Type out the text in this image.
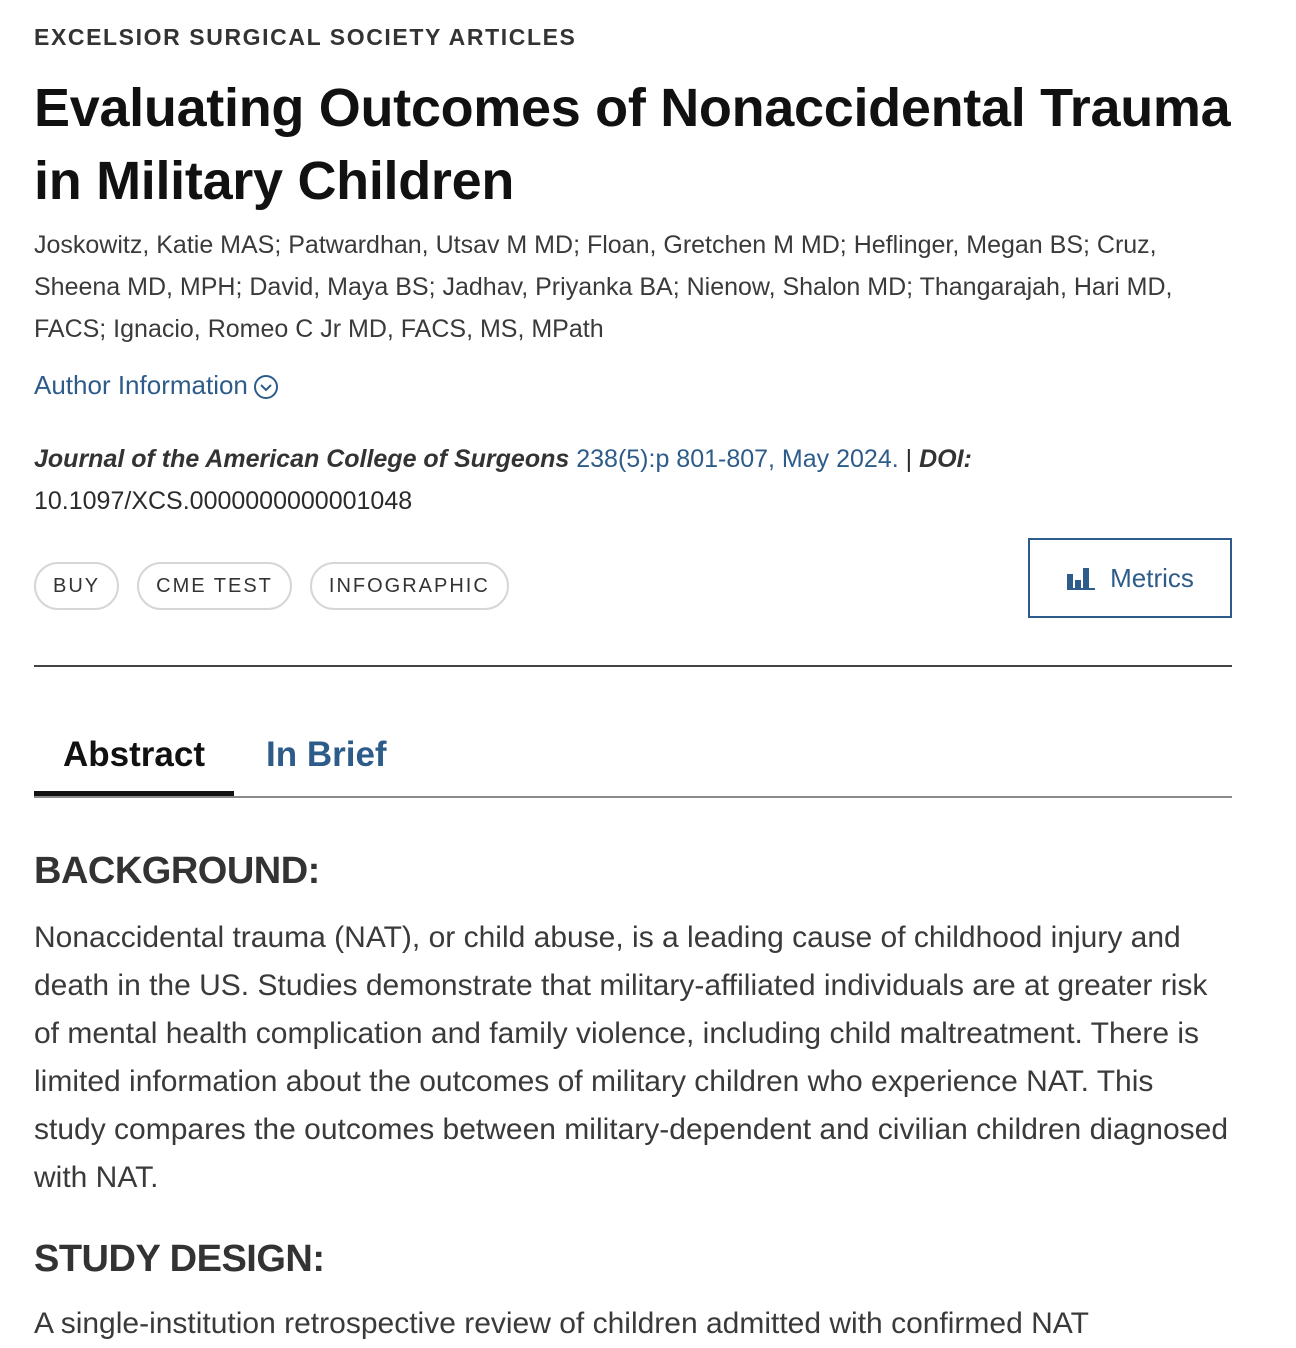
EXCELSIOR SURGICAL SOCIETY ARTICLES
Evaluating Outcomes of Nonaccidental Trauma in Military Children
Joskowitz, Katie MAS; Patwardhan, Utsav M MD; Floan, Gretchen M MD; Heflinger, Megan BS; Cruz, Sheena MD, MPH; David, Maya BS; Jadhav, Priyanka BA; Nienow, Shalon MD; Thangarajah, Hari MD, FACS; Ignacio, Romeo C Jr MD, FACS, MS, MPath
Author Information
Journal of the American College of Surgeons 238(5):p 801-807, May 2024. | DOI:
10.1097/XCS.0000000000001048
BUY	CME TEST	INFOGRAPHIC	Metrics
Abstract In Brief
BACKGROUND:

Nonaccidental trauma (NAT), or child abuse, is a leading cause of childhood injury and death in the US. Studies demonstrate that military-affiliated individuals are at greater risk of mental health complication and family violence, including child maltreatment. There is limited information about the outcomes of military children who experience NAT. This study compares the outcomes between military-dependent and civilian children diagnosed with NAT.

STUDY DESIGN:

A single-institution retrospective review of children admitted with confirmed NAT
